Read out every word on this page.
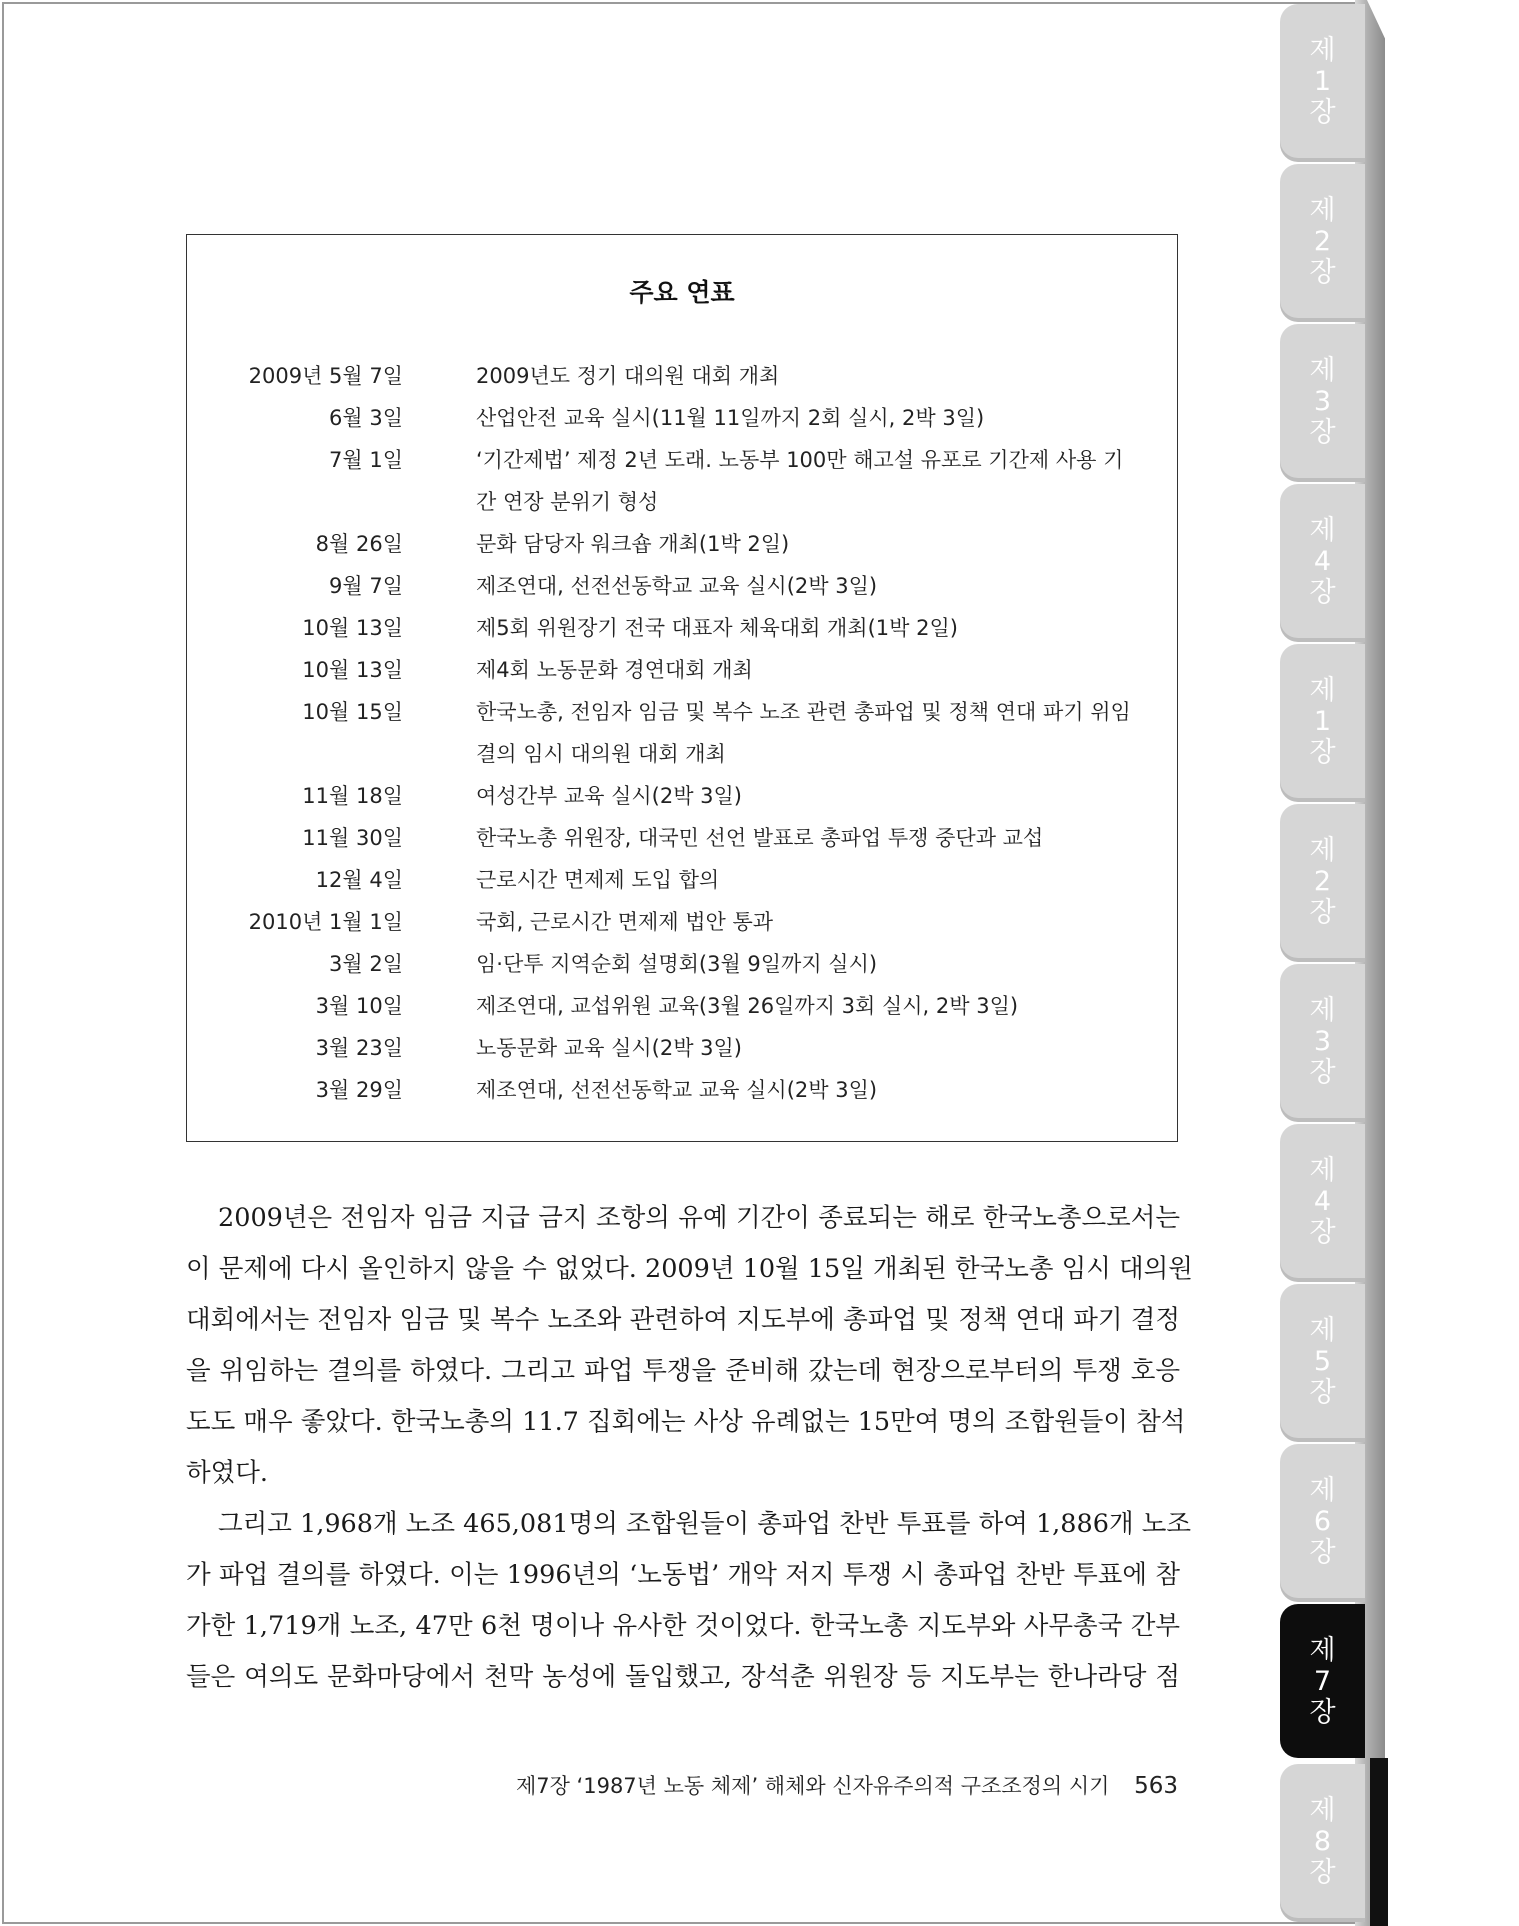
제
1
장
제
2
장
제
3
장
제
4
장
제
1
장
제
2
장
제
3
장
제
4
장
제
5
장
제
6
장
제
7
장
제
8
장
주요 연표
2009년 5월 7일	2009년도 정기 대의원 대회 개최
6월 3일	산업안전 교육 실시(11월 11일까지 2회 실시, 2박 3일)
7월 1일	‘기간제법’ 제정 2년 도래. 노동부 100만 해고설 유포로 기간제 사용 기
간 연장 분위기 형성
8월 26일	문화 담당자 워크숍 개최(1박 2일)
9월 7일	제조연대, 선전선동학교 교육 실시(2박 3일)
10월 13일	제5회 위원장기 전국 대표자 체육대회 개최(1박 2일)
10월 13일	제4회 노동문화 경연대회 개최
10월 15일	한국노총, 전임자 임금 및 복수 노조 관련 총파업 및 정책 연대 파기 위임
결의 임시 대의원 대회 개최
11월 18일	여성간부 교육 실시(2박 3일)
11월 30일	한국노총 위원장, 대국민 선언 발표로 총파업 투쟁 중단과 교섭
12월 4일	근로시간 면제제 도입 합의
2010년 1월 1일	국회, 근로시간 면제제 법안 통과
3월 2일	임·단투 지역순회 설명회(3월 9일까지 실시)
3월 10일	제조연대, 교섭위원 교육(3월 26일까지 3회 실시, 2박 3일)
3월 23일	노동문화 교육 실시(2박 3일)
3월 29일	제조연대, 선전선동학교 교육 실시(2박 3일)
2009년은 전임자 임금 지급 금지 조항의 유예 기간이 종료되는 해로 한국노총으로서는
이 문제에 다시 올인하지 않을 수 없었다. 2009년 10월 15일 개최된 한국노총 임시 대의원
대회에서는 전임자 임금 및 복수 노조와 관련하여 지도부에 총파업 및 정책 연대 파기 결정
을 위임하는 결의를 하였다. 그리고 파업 투쟁을 준비해 갔는데 현장으로부터의 투쟁 호응
도도 매우 좋았다. 한국노총의 11.7 집회에는 사상 유례없는 15만여 명의 조합원들이 참석
하였다.
그리고 1,968개 노조 465,081명의 조합원들이 총파업 찬반 투표를 하여 1,886개 노조
가 파업 결의를 하였다. 이는 1996년의 ‘노동법’ 개악 저지 투쟁 시 총파업 찬반 투표에 참
가한 1,719개 노조, 47만 6천 명이나 유사한 것이었다. 한국노총 지도부와 사무총국 간부
들은 여의도 문화마당에서 천막 농성에 돌입했고, 장석춘 위원장 등 지도부는 한나라당 점
제7장 ‘1987년 노동 체제’ 해체와 신자유주의적 구조조정의 시기 563
